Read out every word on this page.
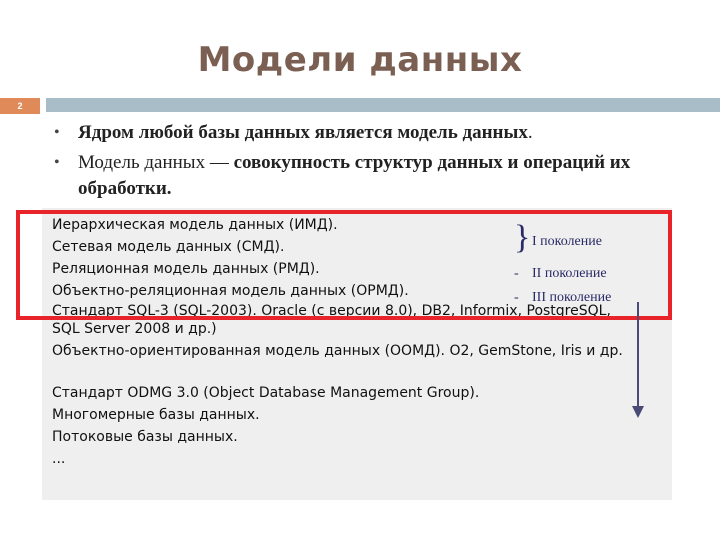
Модели данных
2
• Ядром любой базы данных является модель данных.
• Модель данных — совокупность структур данных и операций их обработки.

Иерархическая модель данных (ИМД).

Сетевая модель данных (СМД).

Реляционная модель данных (РМД).

Объектно-реляционная модель данных (ОРМД).

Стандарт SQL-3 (SQL-2003). Oracle (с версии 8.0), DB2, Informix, PostgreSQL, SQL Server 2008 и др.)

Объектно-ориентированная модель данных (ООМД). О2, GemStone, Iris и др.

Стандарт ODMG 3.0 (Object Database Management Group).

Многомерные базы данных.

Потоковые базы данных.

...

} I поколение
- II поколение
- III поколение
